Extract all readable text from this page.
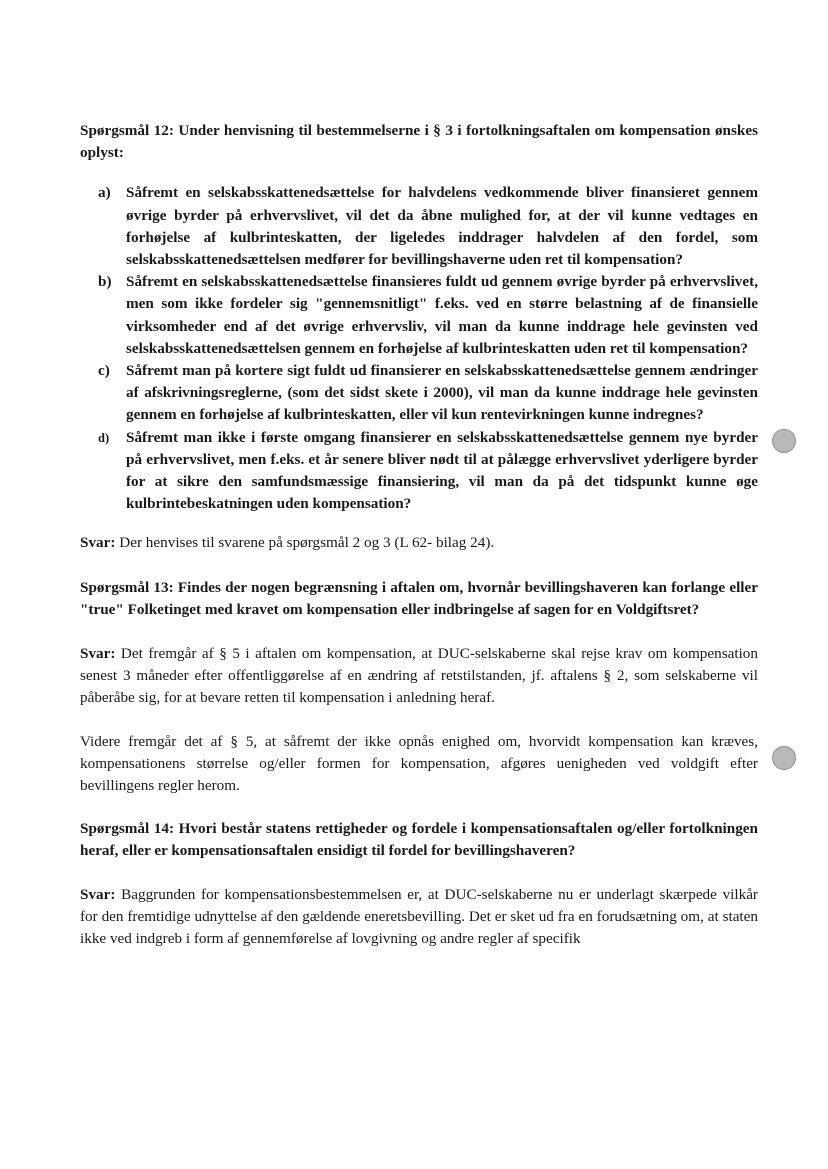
Spørgsmål 12: Under henvisning til bestemmelserne i § 3 i fortolkningsaftalen om kompensation ønskes oplyst:

a) Såfremt en selskabsskattenedsættelse for halvdelens vedkommende bliver finansieret gennem øvrige byrder på erhvervslivet, vil det da åbne mulighed for, at der vil kunne vedtages en forhøjelse af kulbrinteskatten, der ligeledes inddrager halvdelen af den fordel, som selskabsskattenedsættelsen medfører for bevillingshaverne uden ret til kompensation?
b) Såfremt en selskabsskattenedsættelse finansieres fuldt ud gennem øvrige byrder på erhvervslivet, men som ikke fordeler sig "gennemsnitligt" f.eks. ved en større belastning af de finansielle virksomheder end af det øvrige erhvervsliv, vil man da kunne inddrage hele gevinsten ved selskabsskattenedsættelsen gennem en forhøjelse af kulbrinteskatten uden ret til kompensation?
c) Såfremt man på kortere sigt fuldt ud finansierer en selskabsskattenedsættelse gennem ændringer af afskrivningsreglerne, (som det sidst skete i 2000), vil man da kunne inddrage hele gevinsten gennem en forhøjelse af kulbrinteskatten, eller vil kun rentevirkningen kunne indregnes?
d) Såfremt man ikke i første omgang finansierer en selskabsskattenedsættelse gennem nye byrder på erhvervslivet, men f.eks. et år senere bliver nødt til at pålægge erhvervslivet yderligere byrder for at sikre den samfundsmæssige finansiering, vil man da på det tidspunkt kunne øge kulbrintebeskatningen uden kompensation?

Svar: Der henvises til svarene på spørgsmål 2 og 3 (L 62- bilag 24).

Spørgsmål 13: Findes der nogen begrænsning i aftalen om, hvornår bevillingshaveren kan forlange eller "true" Folketinget med kravet om kompensation eller indbringelse af sagen for en Voldgiftsret?

Svar: Det fremgår af § 5 i aftalen om kompensation, at DUC-selskaberne skal rejse krav om kompensation senest 3 måneder efter offentliggørelse af en ændring af retstilstanden, jf. aftalens § 2, som selskaberne vil påberåbe sig, for at bevare retten til kompensation i anledning heraf.

Videre fremgår det af § 5, at såfremt der ikke opnås enighed om, hvorvidt kompensation kan kræves, kompensationens størrelse og/eller formen for kompensation, afgøres uenigheden ved voldgift efter bevillingens regler herom.

Spørgsmål 14: Hvori består statens rettigheder og fordele i kompensationsaftalen og/eller fortolkningen heraf, eller er kompensationsaftalen ensidigt til fordel for bevillingshaveren?

Svar: Baggrunden for kompensationsbestemmelsen er, at DUC-selskaberne nu er underlagt skærpede vilkår for den fremtidige udnyttelse af den gældende eneretsbevilling. Det er sket ud fra en forudsætning om, at staten ikke ved indgreb i form af gennemførelse af lovgivning og andre regler af specifik
